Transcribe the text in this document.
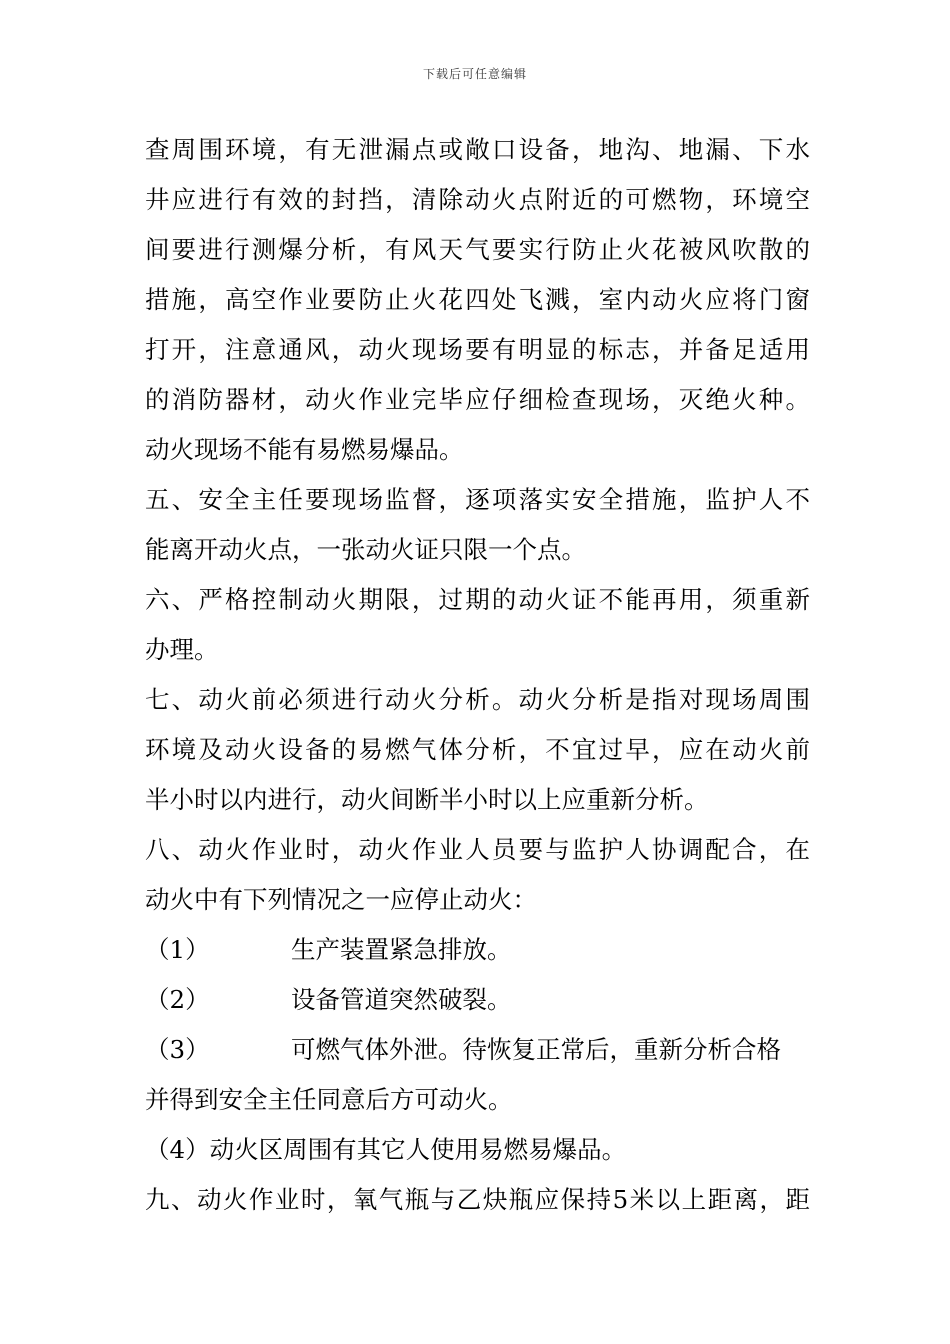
下载后可任意编辑
查周围环境，有无泄漏点或敞口设备，地沟、地漏、下水
井应进行有效的封挡，清除动火点附近的可燃物，环境空
间要进行测爆分析，有风天气要实行防止火花被风吹散的
措施，高空作业要防止火花四处飞溅，室内动火应将门窗
打开，注意通风，动火现场要有明显的标志，并备足适用
的消防器材，动火作业完毕应仔细检查现场，灭绝火种。
动火现场不能有易燃易爆品。
五、安全主任要现场监督，逐项落实安全措施，监护人不
能离开动火点，一张动火证只限一个点。
六、严格控制动火期限，过期的动火证不能再用，须重新
办理。
七、动火前必须进行动火分析。动火分析是指对现场周围
环境及动火设备的易燃气体分析，不宜过早，应在动火前
半小时以内进行，动火间断半小时以上应重新分析。
八、动火作业时，动火作业人员要与监护人协调配合，在
动火中有下列情况之一应停止动火：
（1）	生产装置紧急排放。
（2）	设备管道突然破裂。
（3）	可燃气体外泄。待恢复正常后，重新分析合格
并得到安全主任同意后方可动火。
（4）动火区周围有其它人使用易燃易爆品。
九、动火作业时，氧气瓶与乙炔瓶应保持5米以上距离，距
